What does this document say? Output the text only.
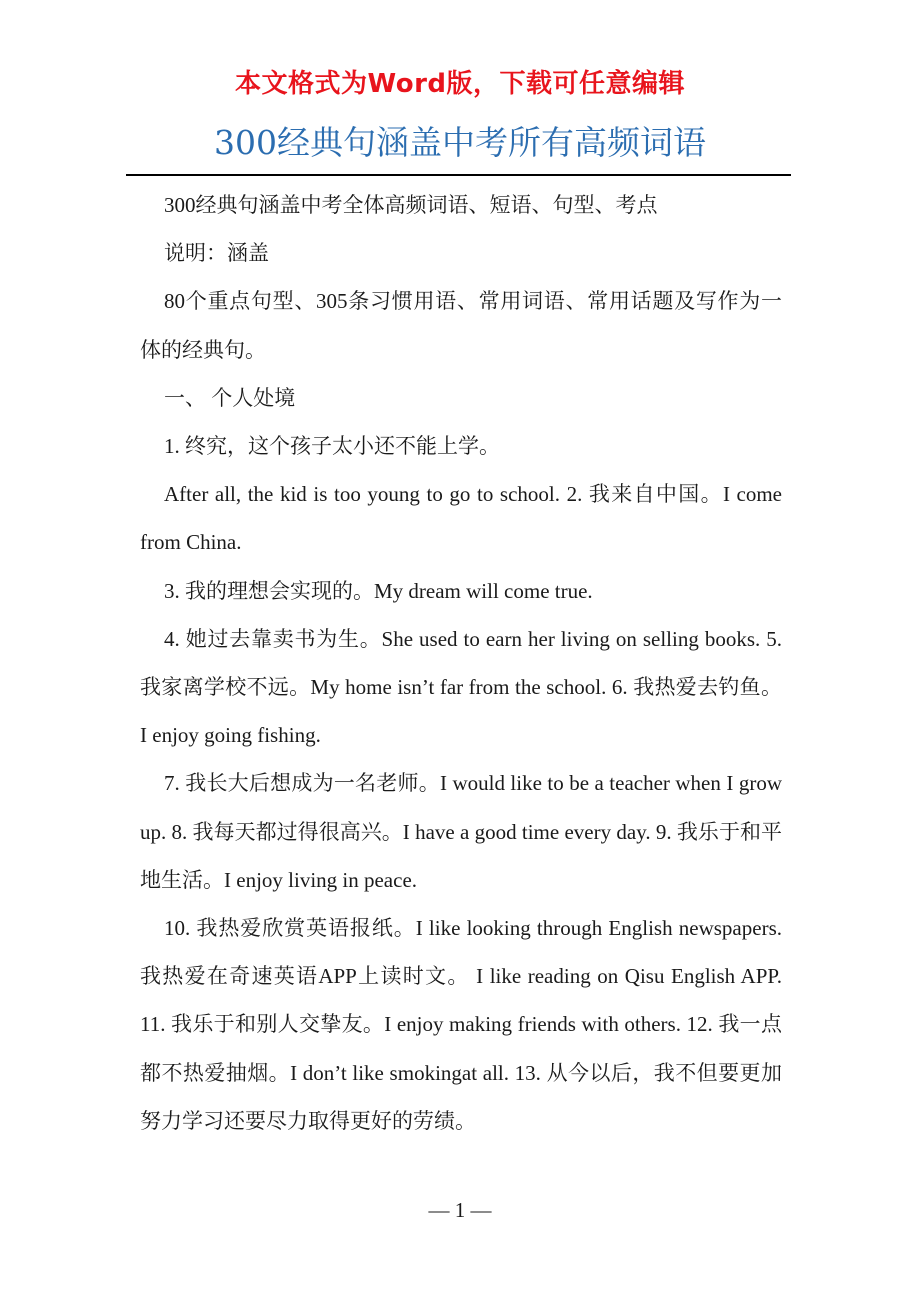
本文格式为Word版，下载可任意编辑
300经典句涵盖中考所有高频词语

300经典句涵盖中考全体高频词语、短语、句型、考点

说明：涵盖

80个重点句型、305条习惯用语、常用词语、常用话题及写作为一体的经典句。

一、 个人处境

1. 终究，这个孩子太小还不能上学。

After all, the kid is too young to go to school. 2. 我来自中国。I come from China.

3. 我的理想会实现的。My dream will come true.

4. 她过去靠卖书为生。She used to earn her living on selling books. 5. 我家离学校不远。My home isn’t far from the school. 6. 我热爱去钓鱼。I enjoy going fishing.

7. 我长大后想成为一名老师。I would like to be a teacher when I grow up. 8. 我每天都过得很高兴。I have a good time every day. 9. 我乐于和平地生活。I enjoy living in peace.

10. 我热爱欣赏英语报纸。I like looking through English newspapers. 我热爱在奇速英语APP上读时文。 I like reading on Qisu English APP.　 11. 我乐于和别人交挚友。I enjoy making friends with others. 12. 我一点都不热爱抽烟。I don’t like smokingat all. 13. 从今以后，我不但要更加努力学习还要尽力取得更好的劳绩。

— 1 —
